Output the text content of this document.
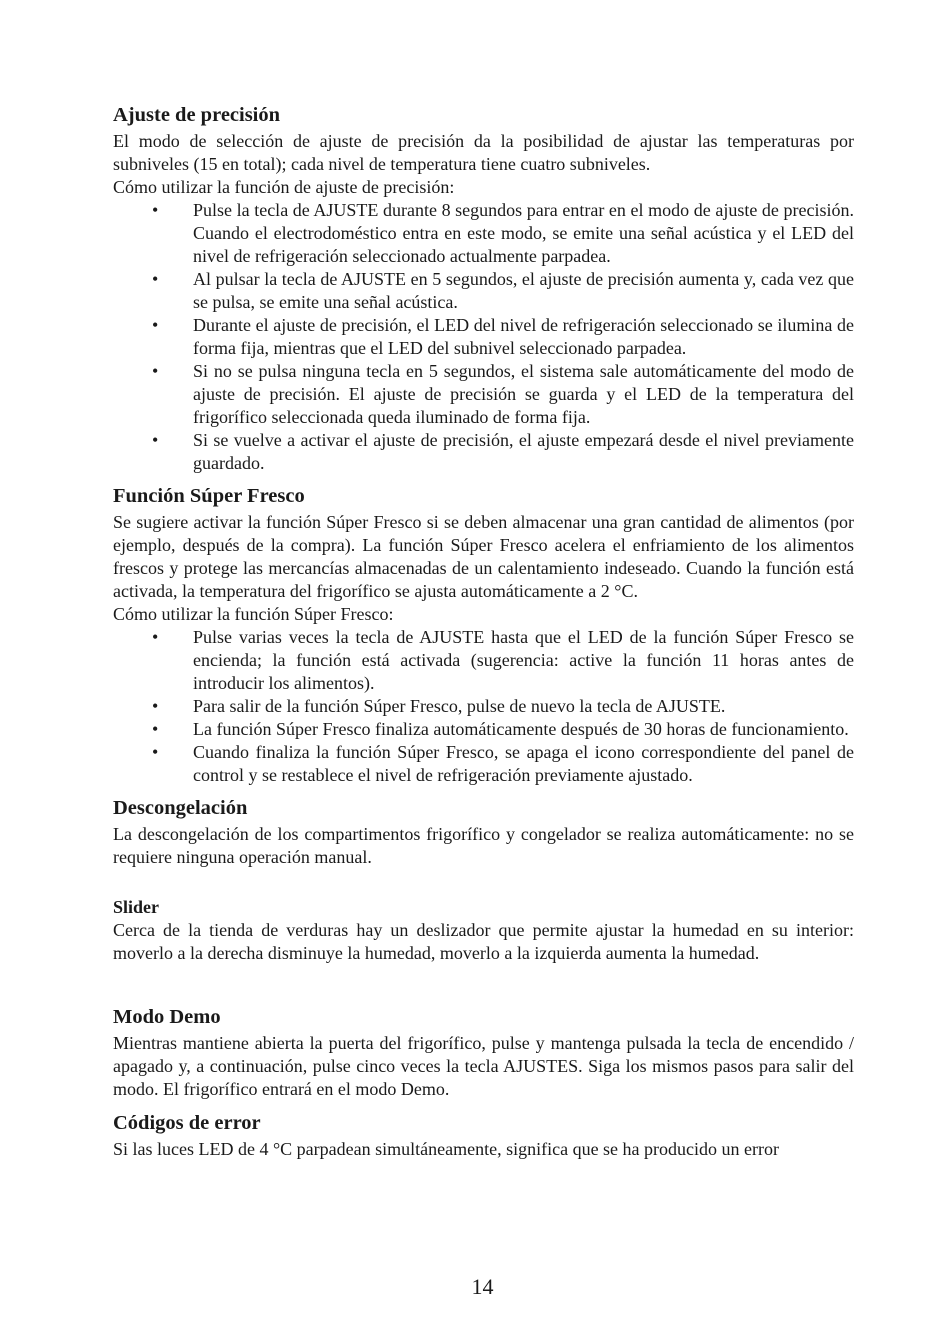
Ajuste de precisión

El modo de selección de ajuste de precisión da la posibilidad de ajustar las temperaturas por subniveles (15 en total); cada nivel de temperatura tiene cuatro subniveles.

Cómo utilizar la función de ajuste de precisión:

• Pulse la tecla de AJUSTE durante 8 segundos para entrar en el modo de ajuste de precisión. Cuando el electrodoméstico entra en este modo, se emite una señal acústica y el LED del nivel de refrigeración seleccionado actualmente parpadea.
• Al pulsar la tecla de AJUSTE en 5 segundos, el ajuste de precisión aumenta y, cada vez que se pulsa, se emite una señal acústica.
• Durante el ajuste de precisión, el LED del nivel de refrigeración seleccionado se ilumina de forma fija, mientras que el LED del subnivel seleccionado parpadea.
• Si no se pulsa ninguna tecla en 5 segundos, el sistema sale automáticamente del modo de ajuste de precisión. El ajuste de precisión se guarda y el LED de la temperatura del frigorífico seleccionada queda iluminado de forma fija.
• Si se vuelve a activar el ajuste de precisión, el ajuste empezará desde el nivel previamente guardado.
Función Súper Fresco

Se sugiere activar la función Súper Fresco si se deben almacenar una gran cantidad de alimentos (por ejemplo, después de la compra). La función Súper Fresco acelera el enfriamiento de los alimentos frescos y protege las mercancías almacenadas de un calentamiento indeseado. Cuando la función está activada, la temperatura del frigorífico se ajusta automáticamente a 2 °C.

Cómo utilizar la función Súper Fresco:

• Pulse varias veces la tecla de AJUSTE hasta que el LED de la función Súper Fresco se encienda; la función está activada (sugerencia: active la función 11 horas antes de introducir los alimentos).
• Para salir de la función Súper Fresco, pulse de nuevo la tecla de AJUSTE.
• La función Súper Fresco finaliza automáticamente después de 30 horas de funcionamiento.
• Cuando finaliza la función Súper Fresco, se apaga el icono correspondiente del panel de control y se restablece el nivel de refrigeración previamente ajustado.
Descongelación

La descongelación de los compartimentos frigorífico y congelador se realiza automáticamente: no se requiere ninguna operación manual.

Slider

Cerca de la tienda de verduras hay un deslizador que permite ajustar la humedad en su interior: moverlo a la derecha disminuye la humedad, moverlo a la izquierda aumenta la humedad.

Modo Demo

Mientras mantiene abierta la puerta del frigorífico, pulse y mantenga pulsada la tecla de encendido / apagado y, a continuación, pulse cinco veces la tecla AJUSTES. Siga los mismos pasos para salir del modo. El frigorífico entrará en el modo Demo.

Códigos de error

Si las luces LED de 4 °C parpadean simultáneamente, significa que se ha producido un error

14
